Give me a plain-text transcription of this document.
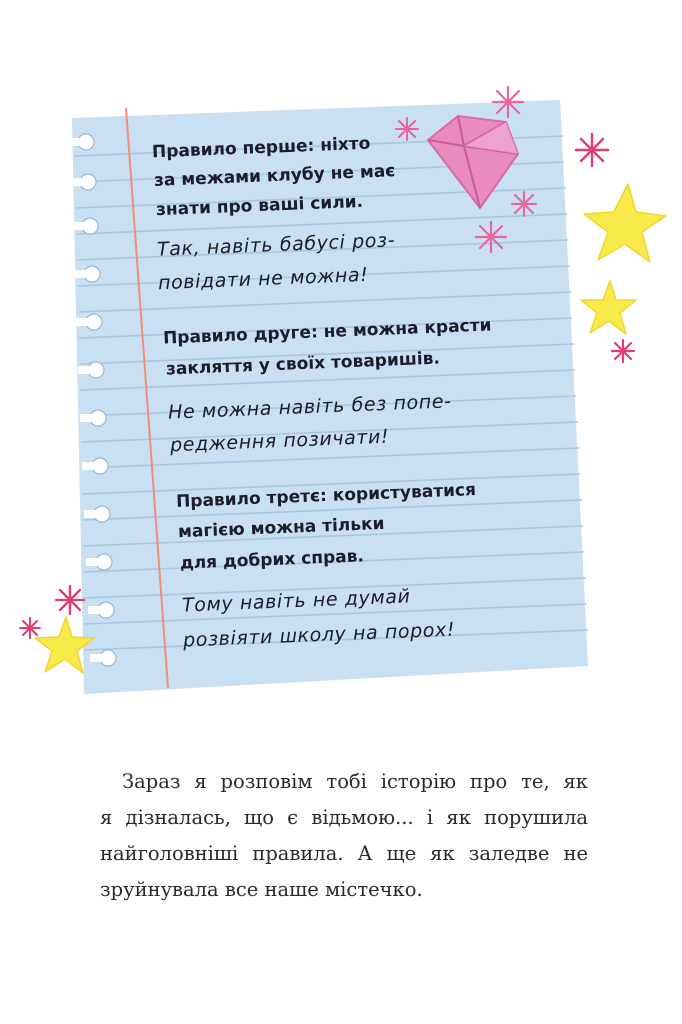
Правило перше: ніхто
за межами клубу не має
знати про ваші сили.
Так, навіть бабусі роз-
повідати не можна!
Правило друге: не можна красти
закляття у своїх товаришів.
Не можна навіть без попе-
редження позичати!
Правило третє: користуватися
магією можна тільки
для добрих справ.
Тому навіть не думай
розвіяти школу на порох!
Зараз я розповім тобі історію про те, як
я дізналась, що є відьмою... і як порушила
найголовніші правила. А ще як заледве не
зруйнувала все наше містечко.
